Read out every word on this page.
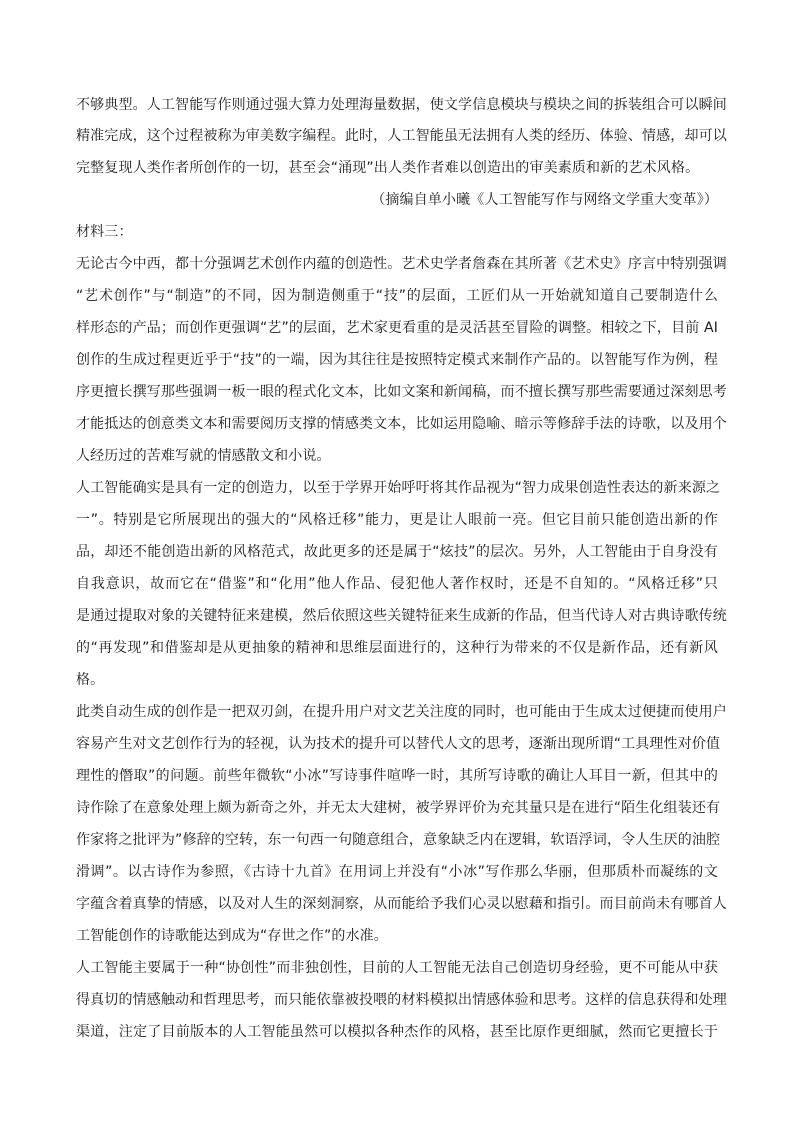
不够典型。人工智能写作则通过强大算力处理海量数据，使文学信息模块与模块之间的拆装组合可以瞬间
精准完成，这个过程被称为审美数字编程。此时，人工智能虽无法拥有人类的经历、体验、情感，却可以
完整复现人类作者所创作的一切，甚至会“涌现”出人类作者难以创造出的审美素质和新的艺术风格。
（摘编自单小曦《人工智能写作与网络文学重大变革》）
材料三：
无论古今中西，都十分强调艺术创作内蕴的创造性。艺术史学者詹森在其所著《艺术史》序言中特别强调
“艺术创作”与“制造”的不同，因为制造侧重于“技”的层面，工匠们从一开始就知道自己要制造什么
样形态的产品；而创作更强调“艺”的层面，艺术家更看重的是灵活甚至冒险的调整。相较之下，目前 AI
创作的生成过程更近乎于“技”的一端，因为其往往是按照特定模式来制作产品的。以智能写作为例，程
序更擅长撰写那些强调一板一眼的程式化文本，比如文案和新闻稿，而不擅长撰写那些需要通过深刻思考
才能抵达的创意类文本和需要阅历支撑的情感类文本，比如运用隐喻、暗示等修辞手法的诗歌，以及用个
人经历过的苦难写就的情感散文和小说。
人工智能确实是具有一定的创造力，以至于学界开始呼吁将其作品视为“智力成果创造性表达的新来源之
一”。特别是它所展现出的强大的“风格迁移”能力，更是让人眼前一亮。但它目前只能创造出新的作
品，却还不能创造出新的风格范式，故此更多的还是属于“炫技”的层次。另外，人工智能由于自身没有
自我意识，故而它在“借鉴”和“化用”他人作品、侵犯他人著作权时，还是不自知的。“风格迁移”只
是通过提取对象的关键特征来建模，然后依照这些关键特征来生成新的作品，但当代诗人对古典诗歌传统
的“再发现”和借鉴却是从更抽象的精神和思维层面进行的，这种行为带来的不仅是新作品，还有新风
格。
此类自动生成的创作是一把双刃剑，在提升用户对文艺关注度的同时，也可能由于生成太过便捷而使用户
容易产生对文艺创作行为的轻视，认为技术的提升可以替代人文的思考，逐渐出现所谓“工具理性对价值
理性的僭取”的问题。前些年微软“小冰”写诗事件喧哗一时，其所写诗歌的确让人耳目一新，但其中的
诗作除了在意象处理上颇为新奇之外，并无太大建树，被学界评价为充其量只是在进行“陌生化组装还有
作家将之批评为”修辞的空转，东一句西一句随意组合，意象缺乏内在逻辑，软语浮词，令人生厌的油腔
滑调”。以古诗作为参照，《古诗十九首》在用词上并没有“小冰”写作那么华丽，但那质朴而凝练的文
字蕴含着真挚的情感，以及对人生的深刻洞察，从而能给予我们心灵以慰藉和指引。而目前尚未有哪首人
工智能创作的诗歌能达到成为“存世之作”的水准。
人工智能主要属于一种“协创性”而非独创性，目前的人工智能无法自己创造切身经验，更不可能从中获
得真切的情感触动和哲理思考，而只能依靠被投喂的材料模拟出情感体验和思考。这样的信息获得和处理
渠道，注定了目前版本的人工智能虽然可以模拟各种杰作的风格，甚至比原作更细腻，然而它更擅长于
